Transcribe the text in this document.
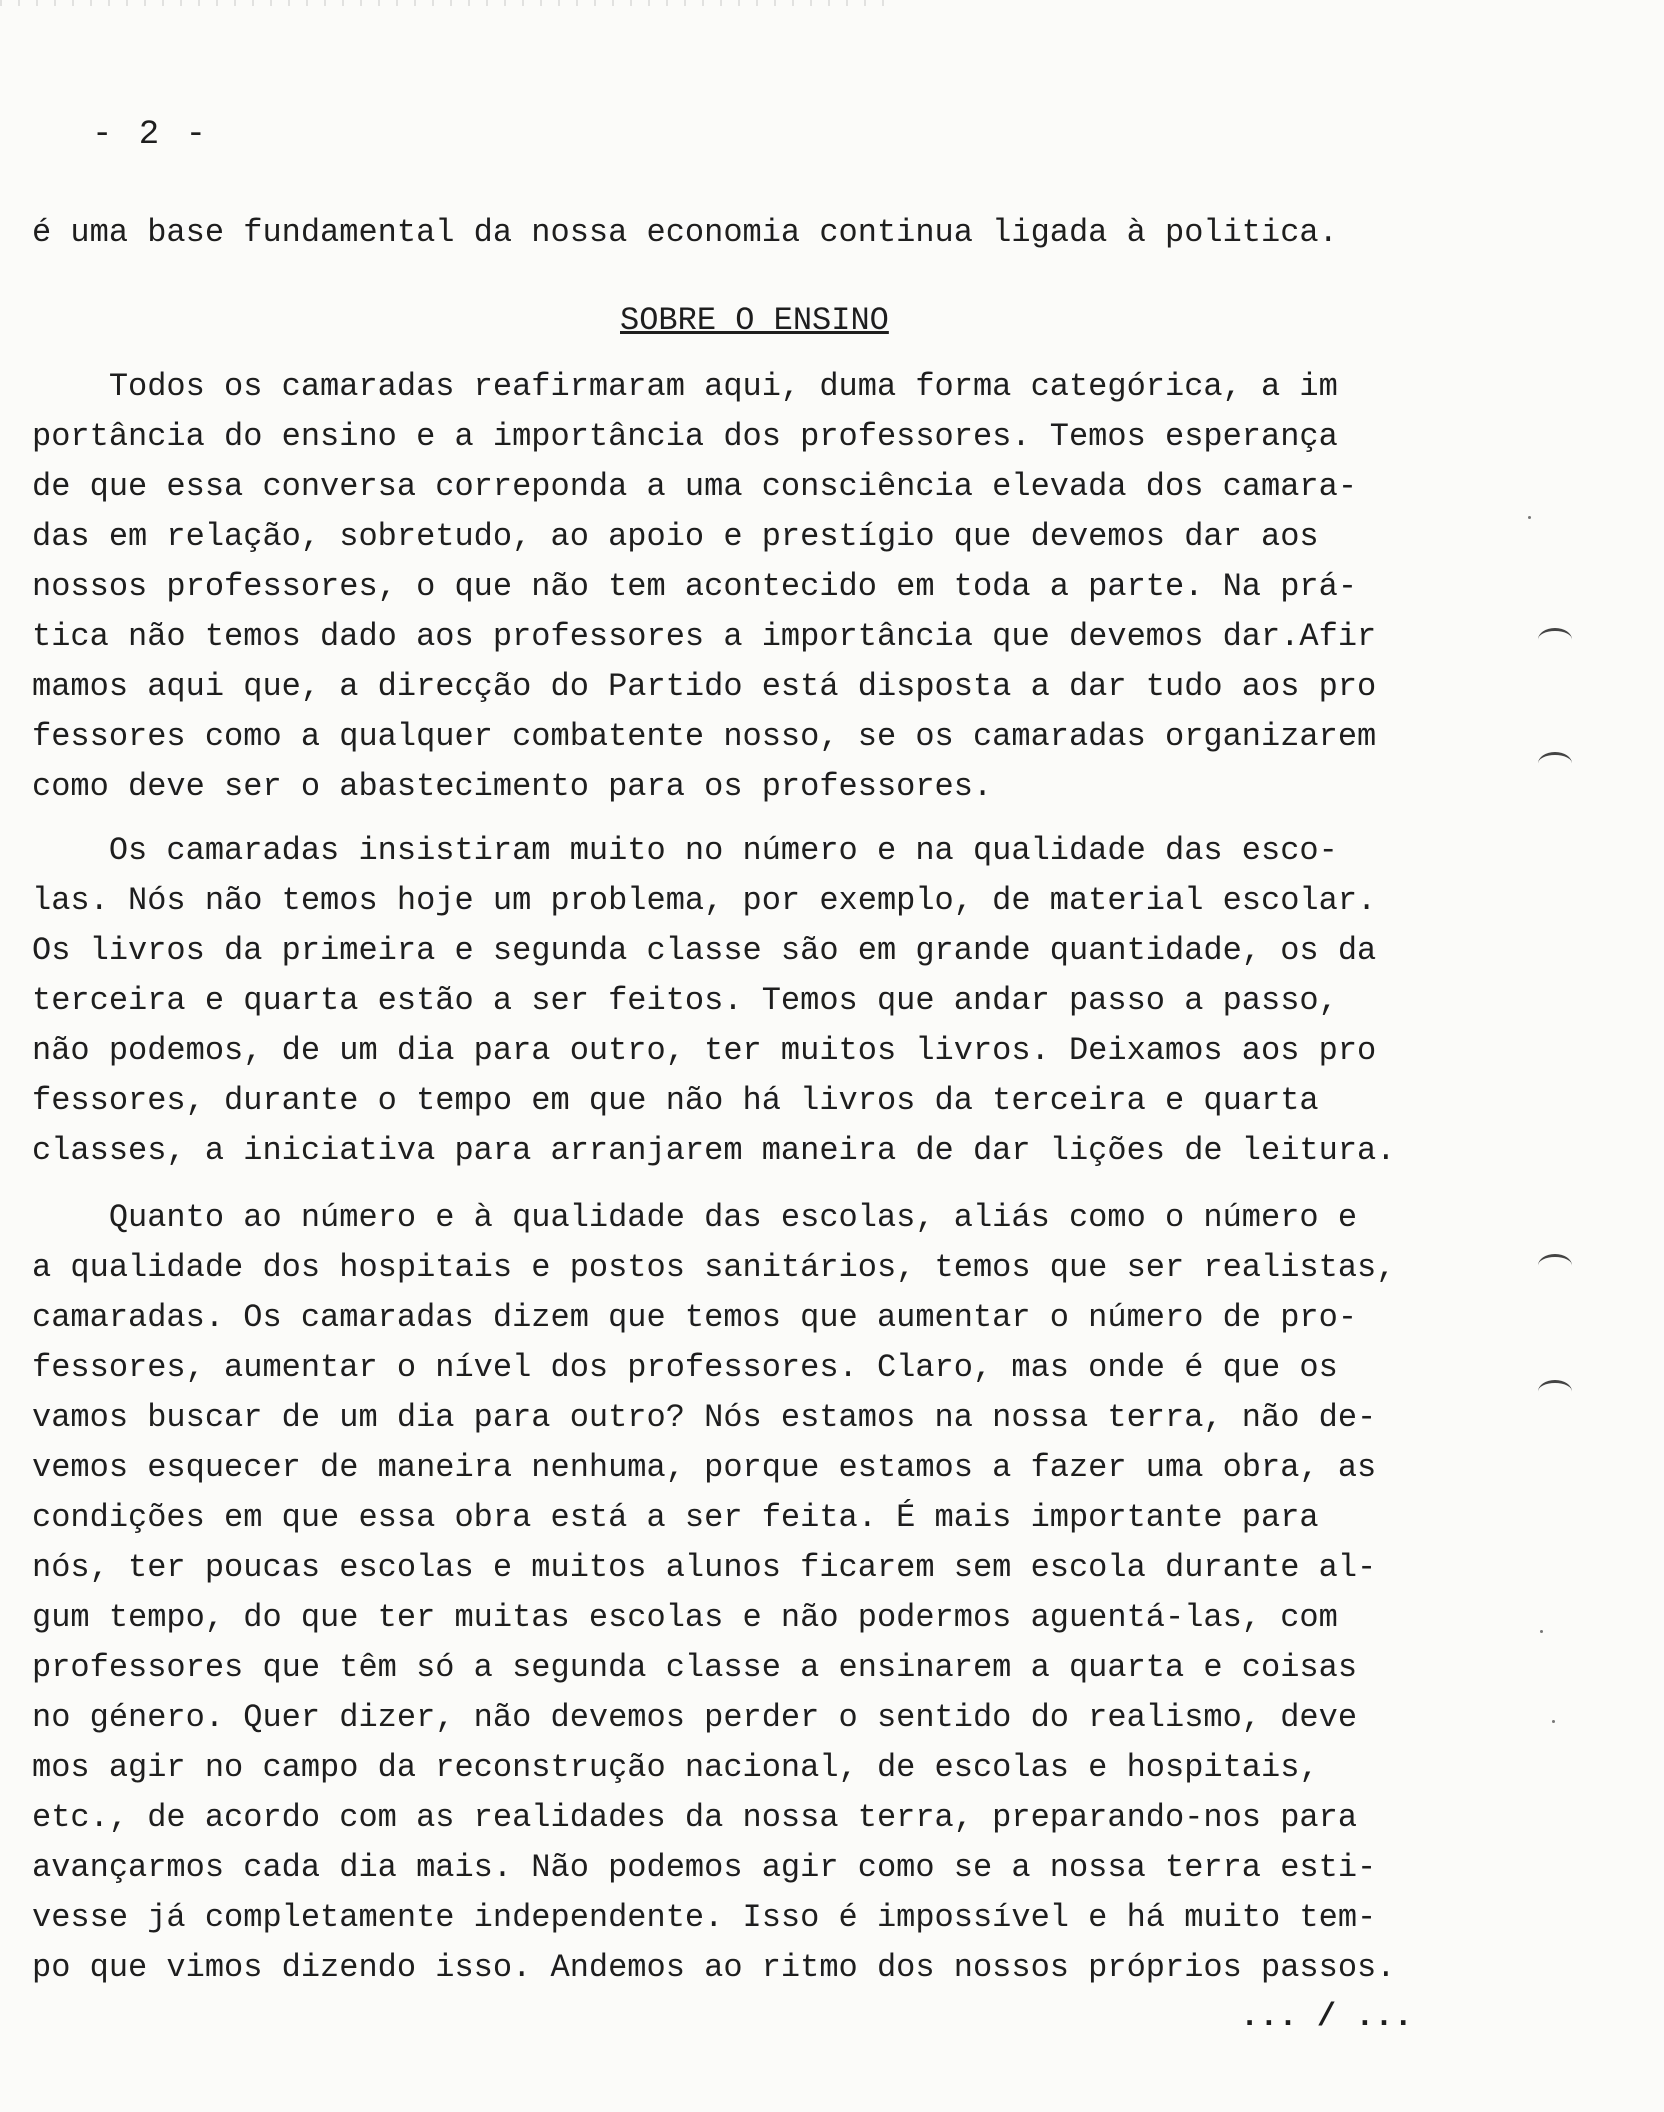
- 2 -
é uma base fundamental da nossa economia continua ligada à politica.
SOBRE O ENSINO
Todos os camaradas reafirmaram aqui, duma forma categórica, a im
portância do ensino e a importância dos professores. Temos esperança
de que essa conversa correponda a uma consciência elevada dos camara-
das em relação, sobretudo, ao apoio e prestígio que devemos dar aos
nossos professores, o que não tem acontecido em toda a parte. Na prá-
tica não temos dado aos professores a importância que devemos dar.Afir
mamos aqui que, a direcção do Partido está disposta a dar tudo aos pro
fessores como a qualquer combatente nosso, se os camaradas organizarem
como deve ser o abastecimento para os professores.
Os camaradas insistiram muito no número e na qualidade das esco-
las. Nós não temos hoje um problema, por exemplo, de material escolar.
Os livros da primeira e segunda classe são em grande quantidade, os da
terceira e quarta estão a ser feitos. Temos que andar passo a passo,
não podemos, de um dia para outro, ter muitos livros. Deixamos aos pro
fessores, durante o tempo em que não há livros da terceira e quarta
classes, a iniciativa para arranjarem maneira de dar lições de leitura.
Quanto ao número e à qualidade das escolas, aliás como o número e
a qualidade dos hospitais e postos sanitários, temos que ser realistas,
camaradas. Os camaradas dizem que temos que aumentar o número de pro-
fessores, aumentar o nível dos professores. Claro, mas onde é que os
vamos buscar de um dia para outro? Nós estamos na nossa terra, não de-
vemos esquecer de maneira nenhuma, porque estamos a fazer uma obra, as
condições em que essa obra está a ser feita. É mais importante para
nós, ter poucas escolas e muitos alunos ficarem sem escola durante al-
gum tempo, do que ter muitas escolas e não podermos aguentá-las, com
professores que têm só a segunda classe a ensinarem a quarta e coisas
no género. Quer dizer, não devemos perder o sentido do realismo, deve
mos agir no campo da reconstrução nacional, de escolas e hospitais,
etc., de acordo com as realidades da nossa terra, preparando-nos para
avançarmos cada dia mais. Não podemos agir como se a nossa terra esti-
vesse já completamente independente. Isso é impossível e há muito tem-
po que vimos dizendo isso. Andemos ao ritmo dos nossos próprios passos.
... / ...
